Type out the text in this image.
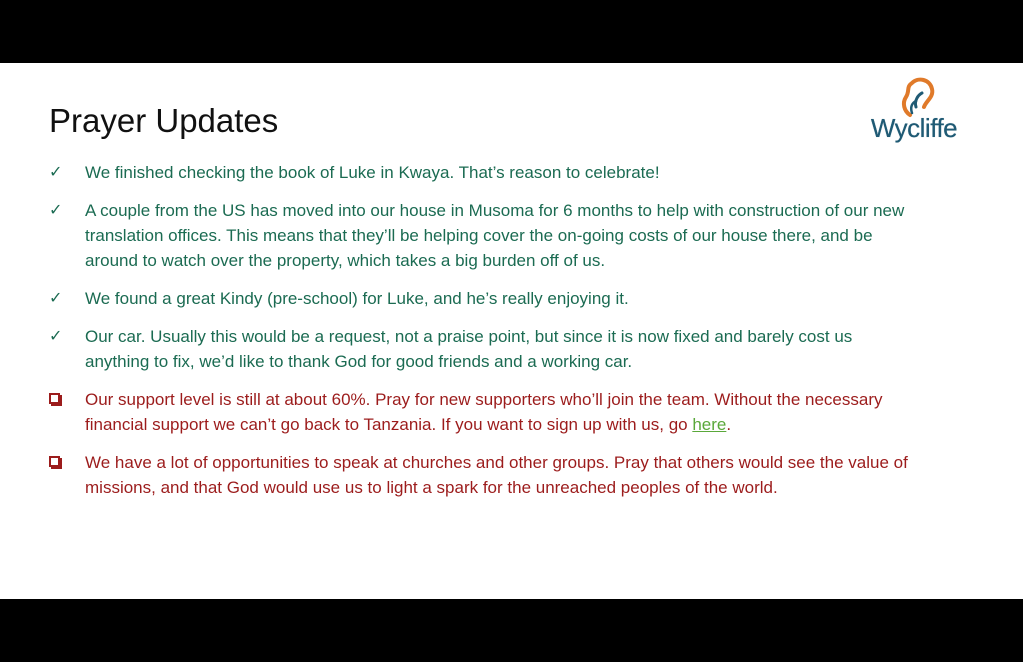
Prayer Updates	Wycliffe
✓	We finished checking the book of Luke in Kwaya. That’s reason to celebrate!
✓	A couple from the US has moved into our house in Musoma for 6 months to help with construction of our new translation offices. This means that they’ll be helping cover the on-going costs of our house there, and be around to watch over the property, which takes a big burden off of us.
✓	We found a great Kindy (pre-school) for Luke, and he’s really enjoying it.
✓	Our car. Usually this would be a request, not a praise point, but since it is now fixed and barely cost us anything to fix, we’d like to thank God for good friends and a working car.
Our support level is still at about 60%. Pray for new supporters who’ll join the team. Without the necessary financial support we can’t go back to Tanzania. If you want to sign up with us, go here.
We have a lot of opportunities to speak at churches and other groups. Pray that others would see the value of missions, and that God would use us to light a spark for the unreached peoples of the world.
